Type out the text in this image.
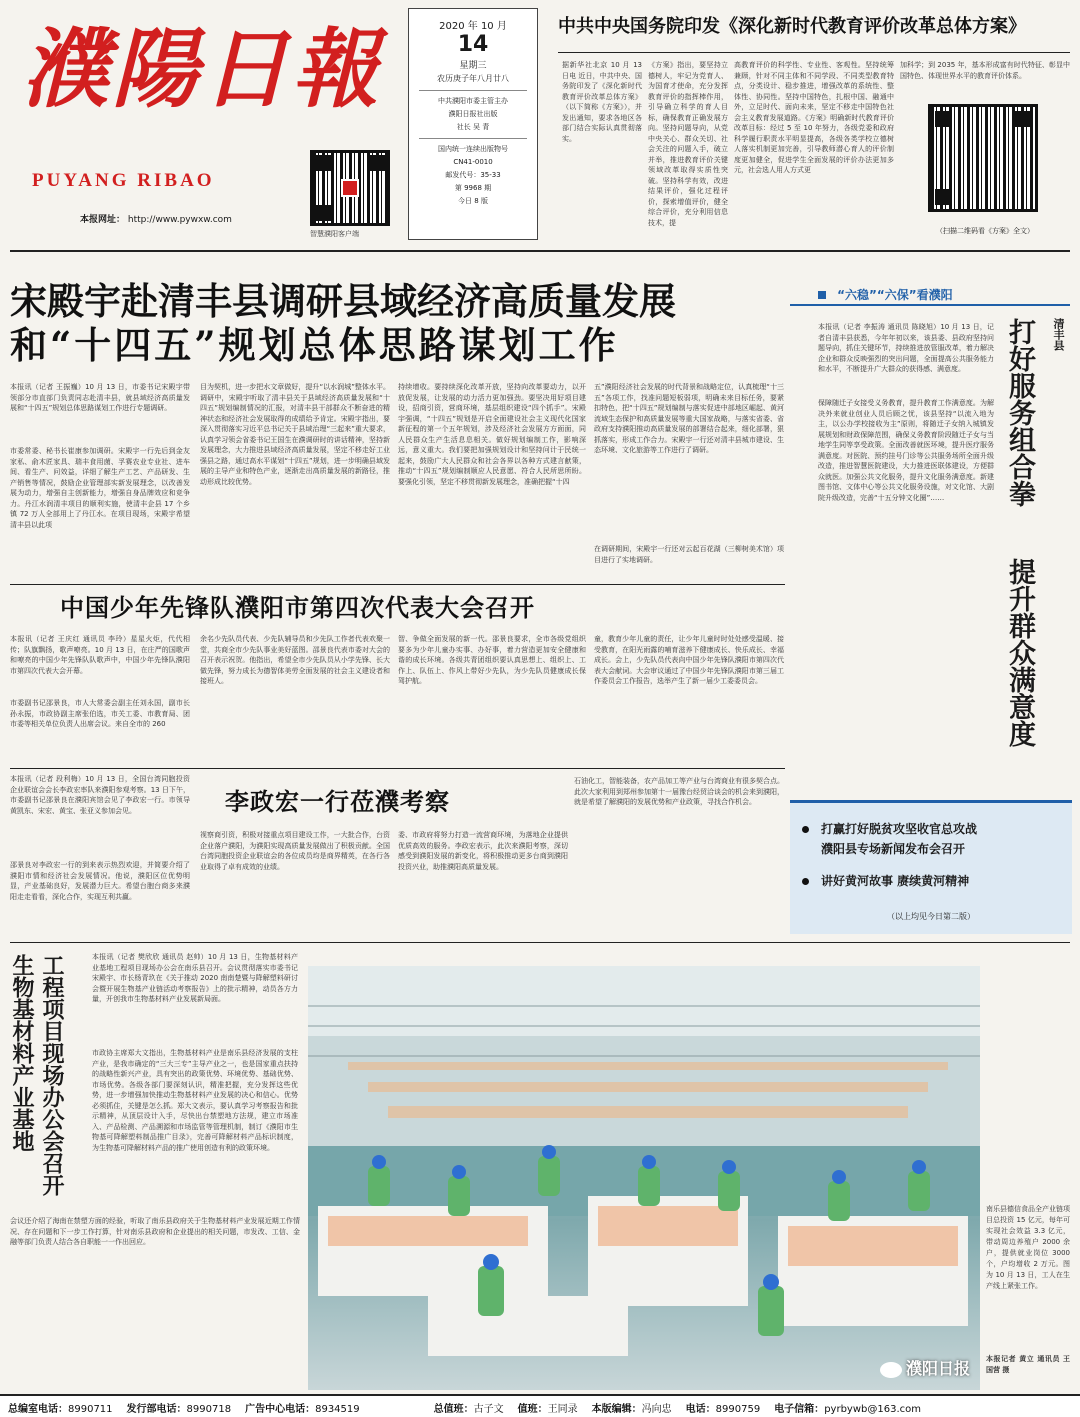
濮陽日報
PUYANG RIBAO
本报网址： http://www.pywxw.com
智慧濮阳客户端
2020 年 10 月
14
星期三
农历庚子年八月廿八
中共濮阳市委主管主办
濮阳日报社出版
社长 吴 青
国内统一连续出版物号
CN41-0010
邮发代号：35-33
第 9968 期
今日 8 版
中共中央国务院印发《深化新时代教育评价改革总体方案》
据新华社北京 10 月 13 日电 近日，中共中央、国务院印发了《深化新时代教育评价改革总体方案》（以下简称《方案》），并发出通知，要求各地区各部门结合实际认真贯彻落实。
《方案》指出，要坚持立德树人，牢记为党育人、为国育才使命，充分发挥教育评价的指挥棒作用，引导确立科学的育人目标，确保教育正确发展方向。坚持问题导向，从党中央关心、群众关切、社会关注的问题入手，破立并举，推进教育评价关键领域改革取得实质性突破。坚持科学有效，改进结果评价，强化过程评价，探索增值评价，健全综合评价，充分利用信息技术，提
高教育评价的科学性、专业性、客观性。坚持统筹兼顾，针对不同主体和不同学段、不同类型教育特点，分类设计、稳步推进，增强改革的系统性、整体性、协同性。坚持中国特色，扎根中国、融通中外，立足时代、面向未来，坚定不移走中国特色社会主义教育发展道路。《方案》明确新时代教育评价改革目标：经过 5 至 10 年努力，各级党委和政府科学履行职责水平明显提高，各级各类学校立德树人落实机制更加完善，引导教师潜心育人的评价制度更加健全，促进学生全面发展的评价办法更加多元，社会选人用人方式更
加科学；到 2035 年，基本形成富有时代特征、彰显中国特色、体现世界水平的教育评价体系。
（扫描二维码看《方案》全文）
宋殿宇赴清丰县调研县域经济高质量发展
和“十四五”规划总体思路谋划工作
本报讯（记者 王振巍）10 月 13 日，市委书记宋殿宇带领部分市直部门负责同志赴清丰县，就县域经济高质量发展和“十四五”规划总体思路谋划工作进行专题调研。
市委常委、秘书长崔康参加调研。宋殿宇一行先后到金友家私、俞木匠家具、瑞丰食用菌、孚赛农业专业社、进车间、看生产、问效益，详细了解生产工艺、产品研发、生产销售等情况，鼓励企业管理部实新发展理念，以改善发展为动力，增强自主创新能力，增强自身品牌效应和竞争力。丹江水润清丰项目的顺利实施，使清丰企县 17 个乡镇 72 万人全部用上了丹江水。在项目现场，宋殿宇希望清丰县以此项
目为契机，进一步把水文章做好，提升“以水润城”整体水平。调研中，宋殿宇听取了清丰县关于县域经济高质量发展和“十四五”规划编制情况的汇报，对清丰县干部群众不断奋进的精神状态和经济社会发展取得的成绩给予肯定。宋殿宇指出，要深入贯彻落实习近平总书记关于县域治理“三起来”重大要求，认真学习领会省委书记王国生在濮调研时的讲话精神，坚持新发展理念，大力推进县域经济高质量发展，坚定不移走好工业强县之路，通过高水平谋划“十四五”规划，进一步明确县域发展的主导产业和特色产业，逐渐走出高质量发展的新路径，推动形成比较优势。
持续增收。要持续深化改革开放，坚持向改革要动力，以开放促发展，让发展的动力活力更加强劲。要坚决用好项目建设，招商引资，营商环境，基层组织建设“四个抓手”。宋殿宇强调，“十四五”规划是开启全面建设社会主义现代化国家新征程的第一个五年规划，涉及经济社会发展方方面面，同人民群众生产生活息息相关。做好规划编制工作，影响深远，意义重大。我们要把加强规划设计和坚持问计于民统一起来，鼓励广大人民群众和社会各界以各种方式建言献策，推动“十四五”规划编制顺应人民意愿、符合人民所思所盼。要强化引领，坚定不移贯彻新发展理念，准确把握“十四
五”濮阳经济社会发展的时代背景和战略定位，认真梳理“十三五”各项工作，找准问题短板弱项，明确未来目标任务，要紧扣特色，把“十四五”规划编制与落实促进中部地区崛起、黄河流域生态保护和高质量发展等重大国家战略，与落实省委、省政府支持濮阳推动高质量发展的部署结合起来，细化部署，狠抓落实，形成工作合力。宋殿宇一行还对清丰县城市建设、生态环境、文化旅游等工作进行了调研。
在调研期间，宋殿宇一行还对云起百花湖（三柳树美术馆）项目进行了实地调研。
中国少年先锋队濮阳市第四次代表大会召开
本报讯（记者 王庆红 通讯员 李玲）星星火炬，代代相传；队旗飘扬，歌声嘹亮。10 月 13 日，在庄严的国歌声和嘹亮的中国少年先锋队队歌声中，中国少年先锋队濮阳市第四次代表大会开幕。
市委副书记邵景良，市人大常委会副主任刘永国，副市长孙永振，市政协副主席张伯选，市关工委、市教育局、团市委等相关单位负责人出席会议。来自全市的 260
余名少先队员代表、少先队辅导员和少先队工作者代表欢聚一堂，共商全市少先队事业美好蓝图。邵景良代表市委对大会的召开表示祝贺。他指出，希望全市少先队员从小学先锋、长大做先锋，努力成长为德智体美劳全面发展的社会主义建设者和接班人。
智、争做全面发展的新一代。邵景良要求，全市各级党组织要多为少年儿童办实事、办好事，着力营造更加安全健康和谐的成长环境。各级共青团组织要认真思想上、组织上、工作上、队伍上、作风上带好少先队，为少先队员健康成长保驾护航。
童，教育少年儿童的责任，让少年儿童时时处处感受温暖、接受教育，在阳光雨露的哺育滋养下健康成长、快乐成长、幸福成长。会上，少先队员代表向中国少年先锋队濮阳市第四次代表大会献词。大会审议通过了中国少年先锋队濮阳市第三届工作委员会工作报告，选举产生了新一届少工委委员会。
本报讯（记者 段利梅）10 月 13 日，全国台湾同胞投资企业联谊会会长李政宏率队来濮阳参观考察。13 日下午，市委副书记邵景良在濮阳宾馆会见了李政宏一行。市领导黄凯东、宋宏、黄宝、张亚义参加会见。
邵景良对李政宏一行的到来表示热烈欢迎，并简要介绍了濮阳市情和经济社会发展情况。他说，濮阳区位优势明显，产业基础良好，发展潜力巨大。希望台胞台商多来濮阳走走看看，深化合作，实现互利共赢。
李政宏一行莅濮考察
视察商引资，积极对接重点项目建设工作，一大批合作，台资企业落户濮阳，为濮阳实现高质量发展做出了积极贡献。全国台湾同胞投资企业联谊会的各位成员均是商界精英，在各行各业取得了卓有成效的业绩。
委、市政府将努力打造一流营商环境，为落地企业提供优质高效的服务。李政宏表示，此次来濮阳考察，深切感受到濮阳发展的新变化，将积极推动更多台商到濮阳投资兴业，助推濮阳高质量发展。
石油化工，智能装备，农产品加工等产业与台湾商业有很多契合点。此次大家利用到郑州参加第十一届豫台经贸洽谈会的机会来到濮阳，就是希望了解濮阳的发展优势和产业政策，寻找合作机会。
“六稳”“六保”看濮阳
清丰县
打好服务组合拳
提升群众满意度
本报讯（记者 李振涛 通讯员 陈晓旭）10 月 13 日，记者自清丰县获悉，今年年初以来，该县委、县政府坚持问题导向，抓住关键环节，持续推进放管服改革，着力解决企业和群众反映强烈的突出问题，全面提高公共服务能力和水平，不断提升广大群众的获得感、满意度。
保障随迁子女接受义务教育，提升教育工作满意度。为解决外来就业创业人员后顾之忧，该县坚持“以流入地为主，以公办学校接收为主”原则，将随迁子女纳入城镇发展规划和财政保障范围，确保义务教育阶段随迁子女与当地学生同等享受政策。全面改善就医环境，提升医疗服务满意度。对医院、预约挂号门诊等公共服务场所全面升级改造，推进智慧医院建设，大力推进医联体建设，方便群众就医。加强公共文化服务，提升文化服务满意度。新建图书馆、文体中心等公共文化服务设施，对文化馆、大剧院升级改造，完善“十五分钟文化圈”……
打赢打好脱贫攻坚收官总攻战
濮阳县专场新闻发布会召开
讲好黄河故事 赓续黄河精神
（以上均见今日第二版）
工程项目现场办公会召开
生物基材料产业基地	本报讯（记者 樊欣欣 通讯员 赵帅）10 月 13 日，生物基材料产业基地工程项目现场办公会在南乐县召开。会议贯彻落实市委书记宋殿宇、市长杨青玖在《关于推动 2020 南南楚暨与降解塑料研讨会暨开展生物基产业链活动考察报告》上的批示精神，动员各方力量，开创我市生物基材料产业发展新局面。
市政协主席郑大文指出，生物基材料产业是南乐县经济发展的支柱产业，是我市确定的“三大三专”主导产业之一，也是国家重点扶持的战略性新兴产业，具有突出的政策优势、环境优势、基础优势、市场优势。各级各部门要深刻认识，精准把握，充分发挥这些优势，进一步增强加快推动生物基材料产业发展的决心和信心。优势必须抓住，关键是怎么抓。郑大文表示，要认真学习考察报告和批示精神，从顶层设计入手，尽快出台禁塑地方法规，建立市场准入、产品检测、产品溯源和市场监管等管理机制，制订《濮阳市生物基可降解塑料制品推广目录》，完善可降解材料产品标识制度，为生物基可降解材料产品的推广使用创造有利的政策环境。
会议还介绍了海南在禁塑方面的经验，听取了南乐县政府关于生物基材料产业发展近期工作情况、存在问题和下一步工作打算，针对南乐县政府和企业提出的相关问题，市发改、工信、金融等部门负责人结合各自职能一一作出回应。
南乐县德信食品全产业链项目总投资 15 亿元，每年可实现社会效益 3.3 亿元，带动周边养殖户 2000 余户，提供就业岗位 3000 个，户均增收 2 万元。图为 10 月 13 日，工人在生产线上紧张工作。
本报记者 黄立 通讯员 王国营 摄
濮阳日报
总编室电话：8990711 发行部电话：8990718 广告中心电话：8934519	总值班：古子文 值班：王同录 本版编辑：冯向忠 电话：8990759 电子信箱：pyrbywb@163.com
